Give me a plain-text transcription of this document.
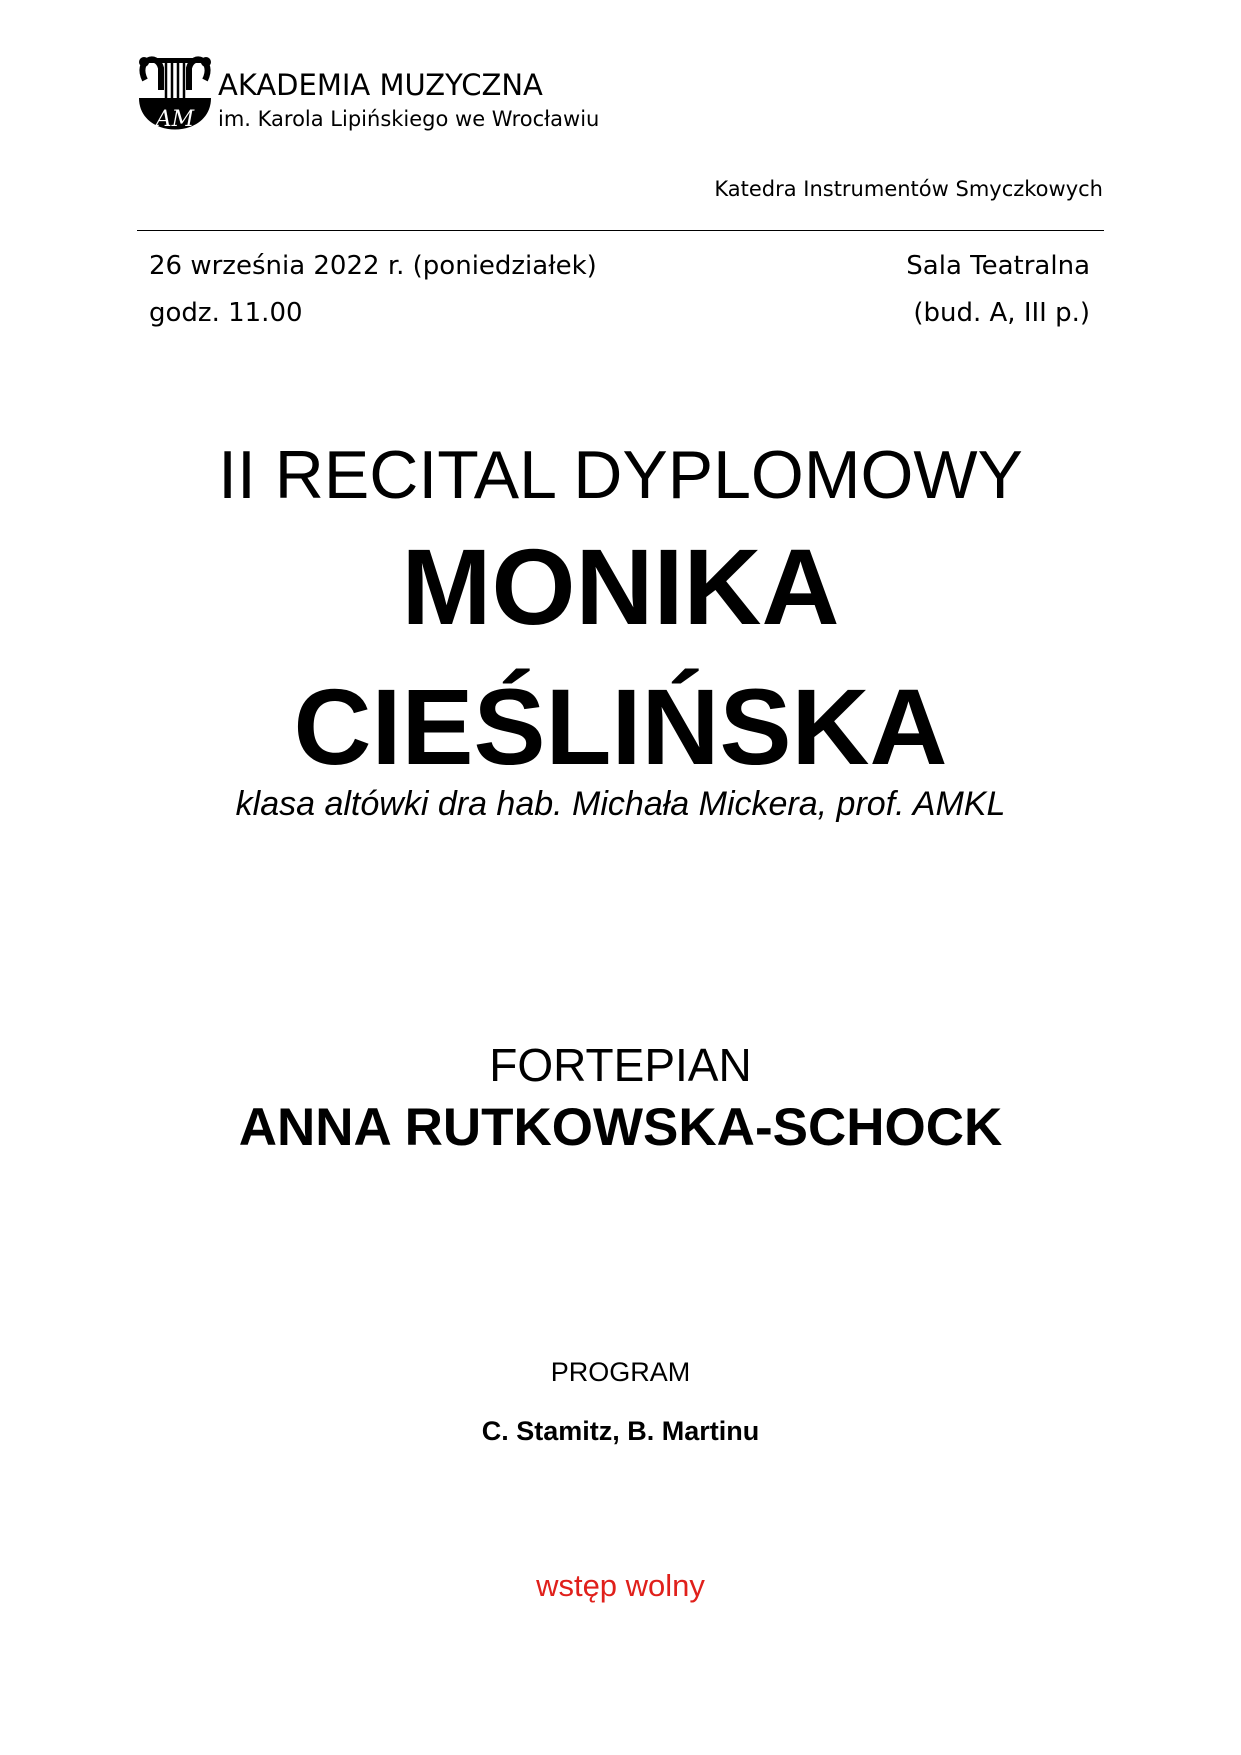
AM
AKADEMIA MUZYCZNA
im. Karola Lipińskiego we Wrocławiu
Katedra Instrumentów Smyczkowych
26 września 2022 r. (poniedziałek)
godz. 11.00
Sala Teatralna
(bud. A, III p.)
II RECITAL DYPLOMOWY
MONIKA
CIEŚLIŃSKA
klasa altówki dra hab. Michała Mickera, prof. AMKL
FORTEPIAN
ANNA RUTKOWSKA-SCHOCK
PROGRAM
C. Stamitz, B. Martinu
wstęp wolny
